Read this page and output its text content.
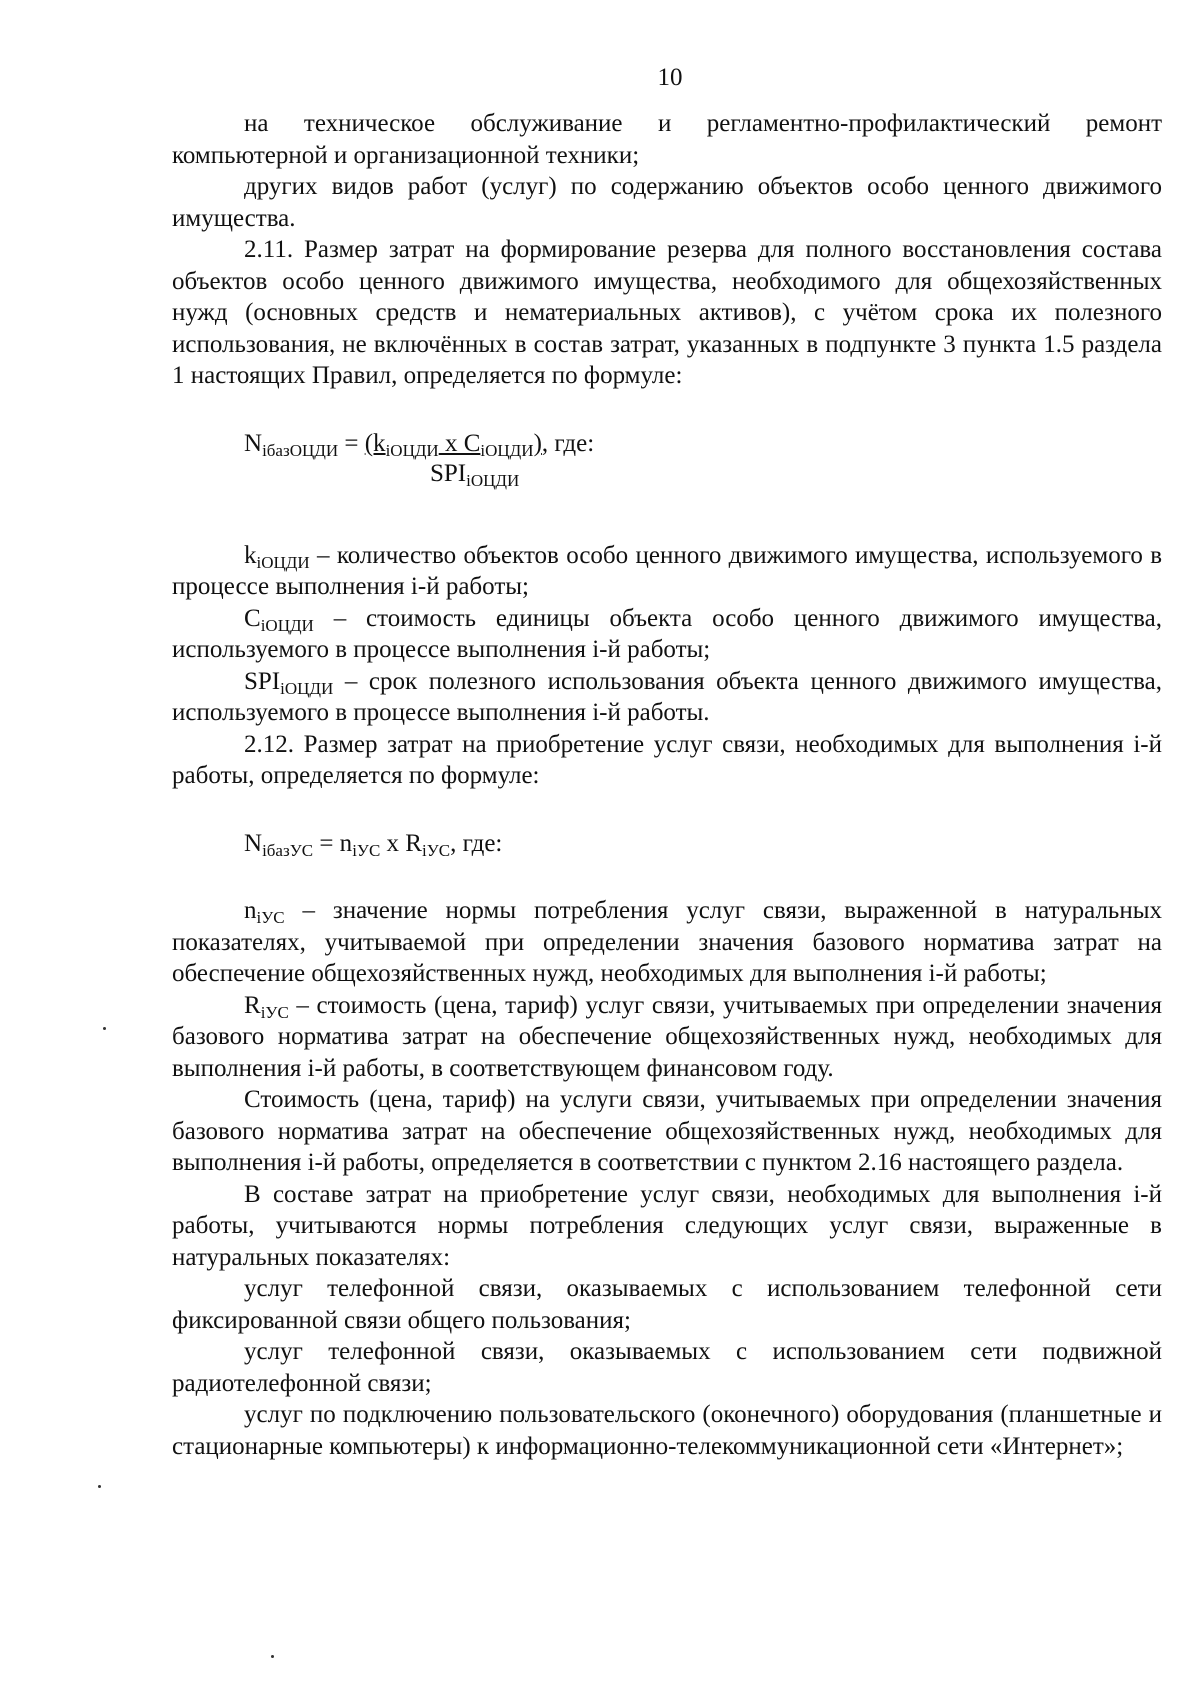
10

на техническое обслуживание и регламентно-профилактический ремонт компьютерной и организационной техники;

других видов работ (услуг) по содержанию объектов особо ценного движимого имущества.

2.11. Размер затрат на формирование резерва для полного восстановления состава объектов особо ценного движимого имущества, необходимого для общехозяйственных нужд (основных средств и нематериальных активов), с учётом срока их полезного использования, не включённых в состав затрат, указанных в подпункте 3 пункта 1.5 раздела 1 настоящих Правил, определяется по формуле:

$N_{iбазОЦДИ} = (k_{iОЦДИ}$ x $C_{iОЦДИ}$), где:
$SPI_{iОЦДИ}$

$k_{iОЦДИ}$ – количество объектов особо ценного движимого имущества, используемого в процессе выполнения i-й работы;

$C_{iОЦДИ}$ – стоимость единицы объекта особо ценного движимого имущества, используемого в процессе выполнения i-й работы;

$SPI_{iОЦДИ}$ – срок полезного использования объекта ценного движимого имущества, используемого в процессе выполнения i-й работы.

2.12. Размер затрат на приобретение услуг связи, необходимых для выполнения i-й работы, определяется по формуле:

$N_{iбазУС} = n_{iУС}$ x $R_{iУС}$, где:

$n_{iУС}$ – значение нормы потребления услуг связи, выраженной в натуральных показателях, учитываемой при определении значения базового норматива затрат на обеспечение общехозяйственных нужд, необходимых для выполнения i-й работы;

$R_{iУС}$ – стоимость (цена, тариф) услуг связи, учитываемых при определении значения базового норматива затрат на обеспечение общехозяйственных нужд, необходимых для выполнения i-й работы, в соответствующем финансовом году.

Стоимость (цена, тариф) на услуги связи, учитываемых при определении значения базового норматива затрат на обеспечение общехозяйственных нужд, необходимых для выполнения i-й работы, определяется в соответствии с пунктом 2.16 настоящего раздела.

В составе затрат на приобретение услуг связи, необходимых для выполнения i-й работы, учитываются нормы потребления следующих услуг связи, выраженные в натуральных показателях:

услуг телефонной связи, оказываемых с использованием телефонной сети фиксированной связи общего пользования;

услуг телефонной связи, оказываемых с использованием сети подвижной радиотелефонной связи;

услуг по подключению пользовательского (оконечного) оборудования (планшетные и стационарные компьютеры) к информационно-телекоммуникационной сети «Интернет»;
